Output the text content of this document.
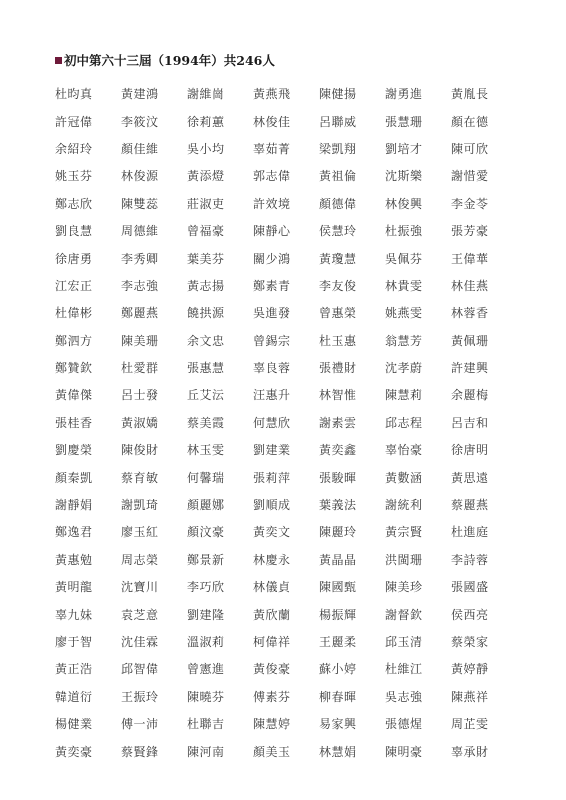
初中第六十三屆（1994年）共246人
杜昀真	黃建鴻	謝維崗	黃燕飛	陳健揚	謝勇進	黃胤長
許冠偉	李筱汶	徐莉蕙	林俊佳	呂聯威	張慧珊	顏在德
余紹玲	顏佳維	吳小均	辜茹菁	梁凱翔	劉培才	陳可欣
姚玉芬	林俊源	黃添燈	郭志偉	黃祖倫	沈斯樂	謝惜愛
鄭志欣	陳雙蕊	莊淑吏	許效境	顏德偉	林俊興	李金苓
劉良慧	周德維	曾福豪	陳靜心	侯慧玲	杜振強	張芳豪
徐唐勇	李秀卿	葉美芬	關少鴻	黃瓊慧	吳佩芬	王偉華
江宏正	李志強	黃志揚	鄭素青	李友俊	林貴雯	林佳燕
杜偉彬	鄭麗燕	饒拱源	吳進發	曾惠榮	姚燕雯	林蓉香
鄭泗方	陳美珊	余文忠	曾錫宗	杜玉惠	翁慧芳	黃佩珊
鄭贊欽	杜愛群	張惠慧	辜良蓉	張禮財	沈孝蔚	許建興
黃偉傑	呂士發	丘艾沄	汪惠升	林智惟	陳慧莉	余麗梅
張桂香	黃淑嬌	蔡美霞	何慧欣	謝素雲	邱志程	呂吉和
劉慶榮	陳俊財	林玉雯	劉建業	黃奕鑫	辜怡豪	徐唐明
顏秦凱	蔡育敏	何馨瑞	張莉萍	張駿暉	黃數涵	黃思遠
謝靜娟	謝凱琦	顏麗娜	劉順成	葉義法	謝統利	蔡麗燕
鄭逸君	廖玉紅	顏汶豪	黃奕文	陳麗玲	黃宗賢	杜進庭
黃惠勉	周志榮	鄭景新	林慶永	黃晶晶	洪閩珊	李詩蓉
黃明龍	沈寶川	李巧欣	林儀貞	陳國甄	陳美珍	張國盛
辜九妹	袁芝意	劉建隆	黃欣蘭	楊振輝	謝督欽	侯西亮
廖于智	沈佳霖	溫淑莉	柯偉祥	王麗柔	邱玉清	蔡榮家
黃正浩	邱智偉	曾憲進	黃俊豪	蘇小婷	杜維江	黃婷靜
韓道衍	王振玲	陳曉芬	傅素芬	柳春暉	吳志強	陳燕祥
楊健業	傅一沛	杜聯吉	陳慧婷	易家興	張德煋	周芷雯
黃奕豪	蔡賢鋒	陳河南	顏美玉	林慧娟	陳明豪	辜承財
